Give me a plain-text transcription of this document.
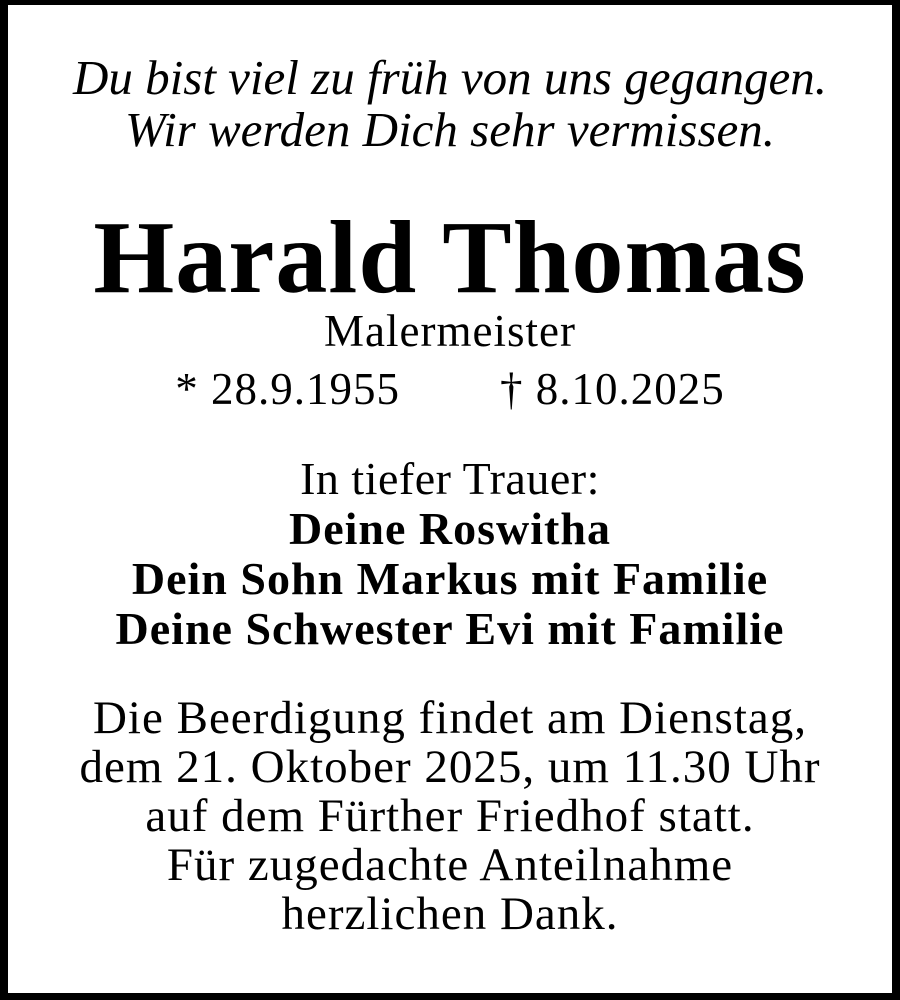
Du bist viel zu früh von uns gegangen.
Wir werden Dich sehr vermissen.
Harald Thomas
Malermeister
* 28.9.1955 † 8.10.2025
In tiefer Trauer:
Deine Roswitha
Dein Sohn Markus mit Familie
Deine Schwester Evi mit Familie
Die Beerdigung findet am Dienstag,
dem 21. Oktober 2025, um 11.30 Uhr
auf dem Fürther Friedhof statt.
Für zugedachte Anteilnahme
herzlichen Dank.
